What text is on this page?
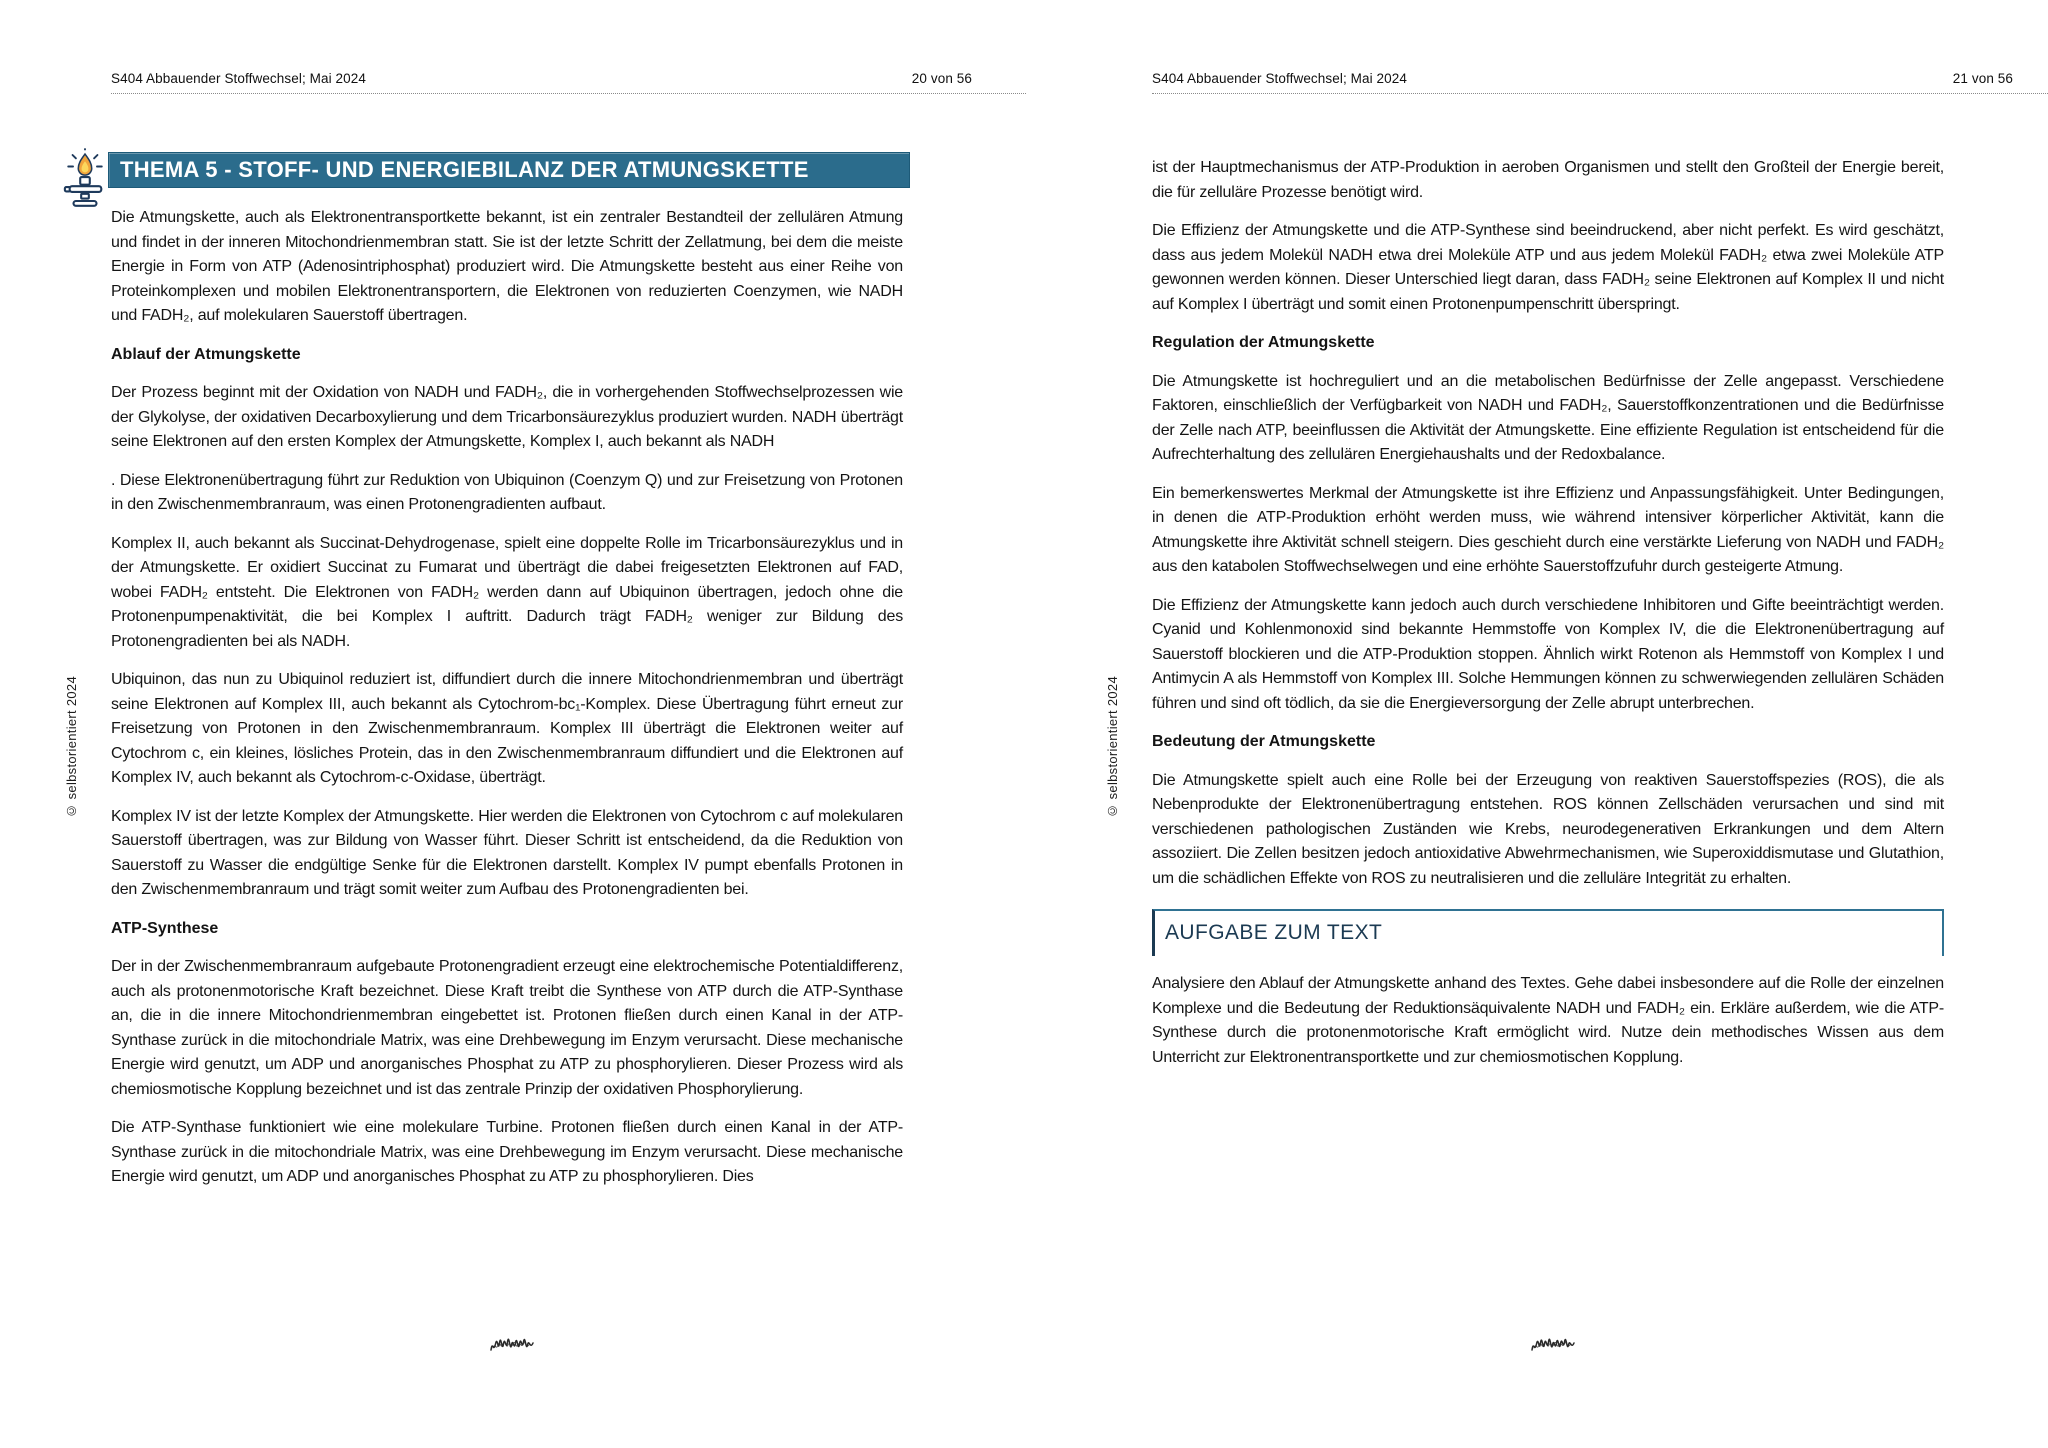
S404 Abbauender Stoffwechsel; Mai 2024	20 von 56
THEMA 5 - STOFF- UND ENERGIEBILANZ DER ATMUNGSKETTE

Die Atmungskette, auch als Elektronentransportkette bekannt, ist ein zentraler Bestandteil der zellulären Atmung und findet in der inneren Mitochondrienmembran statt. Sie ist der letzte Schritt der Zellatmung, bei dem die meiste Energie in Form von ATP (Adenosintriphosphat) produziert wird. Die Atmungskette besteht aus einer Reihe von Proteinkomplexen und mobilen Elektronentransportern, die Elektronen von reduzierten Coenzymen, wie NADH und FADH₂, auf molekularen Sauerstoff übertragen.

Ablauf der Atmungskette

Der Prozess beginnt mit der Oxidation von NADH und FADH₂, die in vorhergehenden Stoffwechselprozessen wie der Glykolyse, der oxidativen Decarboxylierung und dem Tricarbonsäurezyklus produziert wurden. NADH überträgt seine Elektronen auf den ersten Komplex der Atmungskette, Komplex I, auch bekannt als NADH

. Diese Elektronenübertragung führt zur Reduktion von Ubiquinon (Coenzym Q) und zur Freisetzung von Protonen in den Zwischenmembranraum, was einen Protonengradienten aufbaut.

Komplex II, auch bekannt als Succinat-Dehydrogenase, spielt eine doppelte Rolle im Tricarbonsäurezyklus und in der Atmungskette. Er oxidiert Succinat zu Fumarat und überträgt die dabei freigesetzten Elektronen auf FAD, wobei FADH₂ entsteht. Die Elektronen von FADH₂ werden dann auf Ubiquinon übertragen, jedoch ohne die Protonenpumpenaktivität, die bei Komplex I auftritt. Dadurch trägt FADH₂ weniger zur Bildung des Protonengradienten bei als NADH.

Ubiquinon, das nun zu Ubiquinol reduziert ist, diffundiert durch die innere Mitochondrienmembran und überträgt seine Elektronen auf Komplex III, auch bekannt als Cytochrom-bc₁-Komplex. Diese Übertragung führt erneut zur Freisetzung von Protonen in den Zwischenmembranraum. Komplex III überträgt die Elektronen weiter auf Cytochrom c, ein kleines, lösliches Protein, das in den Zwischenmembranraum diffundiert und die Elektronen auf Komplex IV, auch bekannt als Cytochrom-c-Oxidase, überträgt.

Komplex IV ist der letzte Komplex der Atmungskette. Hier werden die Elektronen von Cytochrom c auf molekularen Sauerstoff übertragen, was zur Bildung von Wasser führt. Dieser Schritt ist entscheidend, da die Reduktion von Sauerstoff zu Wasser die endgültige Senke für die Elektronen darstellt. Komplex IV pumpt ebenfalls Protonen in den Zwischenmembranraum und trägt somit weiter zum Aufbau des Protonengradienten bei.

ATP-Synthese

Der in der Zwischenmembranraum aufgebaute Protonengradient erzeugt eine elektrochemische Potentialdifferenz, auch als protonenmotorische Kraft bezeichnet. Diese Kraft treibt die Synthese von ATP durch die ATP-Synthase an, die in die innere Mitochondrienmembran eingebettet ist. Protonen fließen durch einen Kanal in der ATP-Synthase zurück in die mitochondriale Matrix, was eine Drehbewegung im Enzym verursacht. Diese mechanische Energie wird genutzt, um ADP und anorganisches Phosphat zu ATP zu phosphorylieren. Dieser Prozess wird als chemiosmotische Kopplung bezeichnet und ist das zentrale Prinzip der oxidativen Phosphorylierung.

Die ATP-Synthase funktioniert wie eine molekulare Turbine. Protonen fließen durch einen Kanal in der ATP-Synthase zurück in die mitochondriale Matrix, was eine Drehbewegung im Enzym verursacht. Diese mechanische Energie wird genutzt, um ADP und anorganisches Phosphat zu ATP zu phosphorylieren. Dies

© selbstorientiert 2024
S404 Abbauender Stoffwechsel; Mai 2024	21 von 56

ist der Hauptmechanismus der ATP-Produktion in aeroben Organismen und stellt den Großteil der Energie bereit, die für zelluläre Prozesse benötigt wird.

Die Effizienz der Atmungskette und die ATP-Synthese sind beeindruckend, aber nicht perfekt. Es wird geschätzt, dass aus jedem Molekül NADH etwa drei Moleküle ATP und aus jedem Molekül FADH₂ etwa zwei Moleküle ATP gewonnen werden können. Dieser Unterschied liegt daran, dass FADH₂ seine Elektronen auf Komplex II und nicht auf Komplex I überträgt und somit einen Protonenpumpenschritt überspringt.

Regulation der Atmungskette

Die Atmungskette ist hochreguliert und an die metabolischen Bedürfnisse der Zelle angepasst. Verschiedene Faktoren, einschließlich der Verfügbarkeit von NADH und FADH₂, Sauerstoffkonzentrationen und die Bedürfnisse der Zelle nach ATP, beeinflussen die Aktivität der Atmungskette. Eine effiziente Regulation ist entscheidend für die Aufrechterhaltung des zellulären Energiehaushalts und der Redoxbalance.

Ein bemerkenswertes Merkmal der Atmungskette ist ihre Effizienz und Anpassungsfähigkeit. Unter Bedingungen, in denen die ATP-Produktion erhöht werden muss, wie während intensiver körperlicher Aktivität, kann die Atmungskette ihre Aktivität schnell steigern. Dies geschieht durch eine verstärkte Lieferung von NADH und FADH₂ aus den katabolen Stoffwechselwegen und eine erhöhte Sauerstoffzufuhr durch gesteigerte Atmung.

Die Effizienz der Atmungskette kann jedoch auch durch verschiedene Inhibitoren und Gifte beeinträchtigt werden. Cyanid und Kohlenmonoxid sind bekannte Hemmstoffe von Komplex IV, die die Elektronenübertragung auf Sauerstoff blockieren und die ATP-Produktion stoppen. Ähnlich wirkt Rotenon als Hemmstoff von Komplex I und Antimycin A als Hemmstoff von Komplex III. Solche Hemmungen können zu schwerwiegenden zellulären Schäden führen und sind oft tödlich, da sie die Energieversorgung der Zelle abrupt unterbrechen.

Bedeutung der Atmungskette

Die Atmungskette spielt auch eine Rolle bei der Erzeugung von reaktiven Sauerstoffspezies (ROS), die als Nebenprodukte der Elektronenübertragung entstehen. ROS können Zellschäden verursachen und sind mit verschiedenen pathologischen Zuständen wie Krebs, neurodegenerativen Erkrankungen und dem Altern assoziiert. Die Zellen besitzen jedoch antioxidative Abwehrmechanismen, wie Superoxiddismutase und Glutathion, um die schädlichen Effekte von ROS zu neutralisieren und die zelluläre Integrität zu erhalten.

AUFGABE ZUM TEXT

Analysiere den Ablauf der Atmungskette anhand des Textes. Gehe dabei insbesondere auf die Rolle der einzelnen Komplexe und die Bedeutung der Reduktionsäquivalente NADH und FADH₂ ein. Erkläre außerdem, wie die ATP-Synthese durch die protonenmotorische Kraft ermöglicht wird. Nutze dein methodisches Wissen aus dem Unterricht zur Elektronentransportkette und zur chemiosmotischen Kopplung.

© selbstorientiert 2024
